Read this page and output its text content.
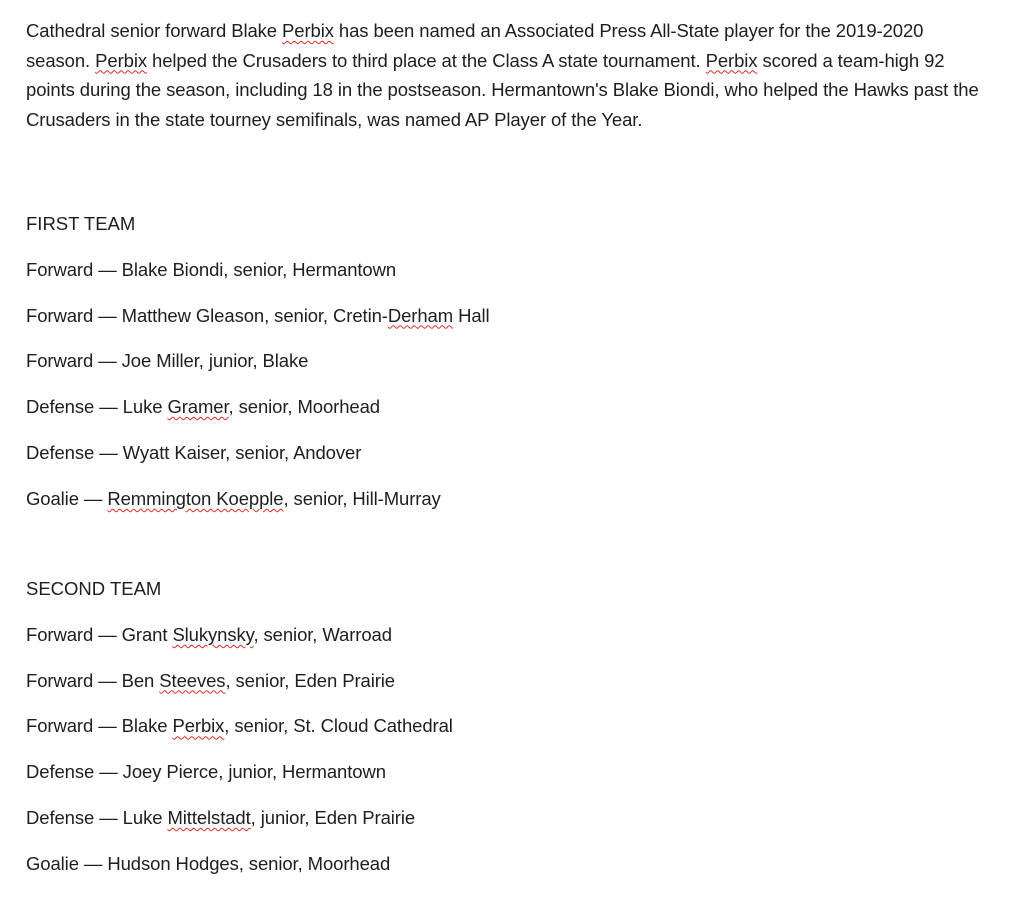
Cathedral senior forward Blake Perbix has been named an Associated Press All-State player for the 2019-2020 season. Perbix helped the Crusaders to third place at the Class A state tournament. Perbix scored a team-high 92 points during the season, including 18 in the postseason. Hermantown's Blake Biondi, who helped the Hawks past the Crusaders in the state tourney semifinals, was named AP Player of the Year.

FIRST TEAM

Forward — Blake Biondi, senior, Hermantown

Forward — Matthew Gleason, senior, Cretin-Derham Hall

Forward — Joe Miller, junior, Blake

Defense — Luke Gramer, senior, Moorhead

Defense — Wyatt Kaiser, senior, Andover

Goalie — Remmington Koepple, senior, Hill-Murray

SECOND TEAM

Forward — Grant Slukynsky, senior, Warroad

Forward — Ben Steeves, senior, Eden Prairie

Forward — Blake Perbix, senior, St. Cloud Cathedral

Defense — Joey Pierce, junior, Hermantown

Defense — Luke Mittelstadt, junior, Eden Prairie

Goalie — Hudson Hodges, senior, Moorhead
